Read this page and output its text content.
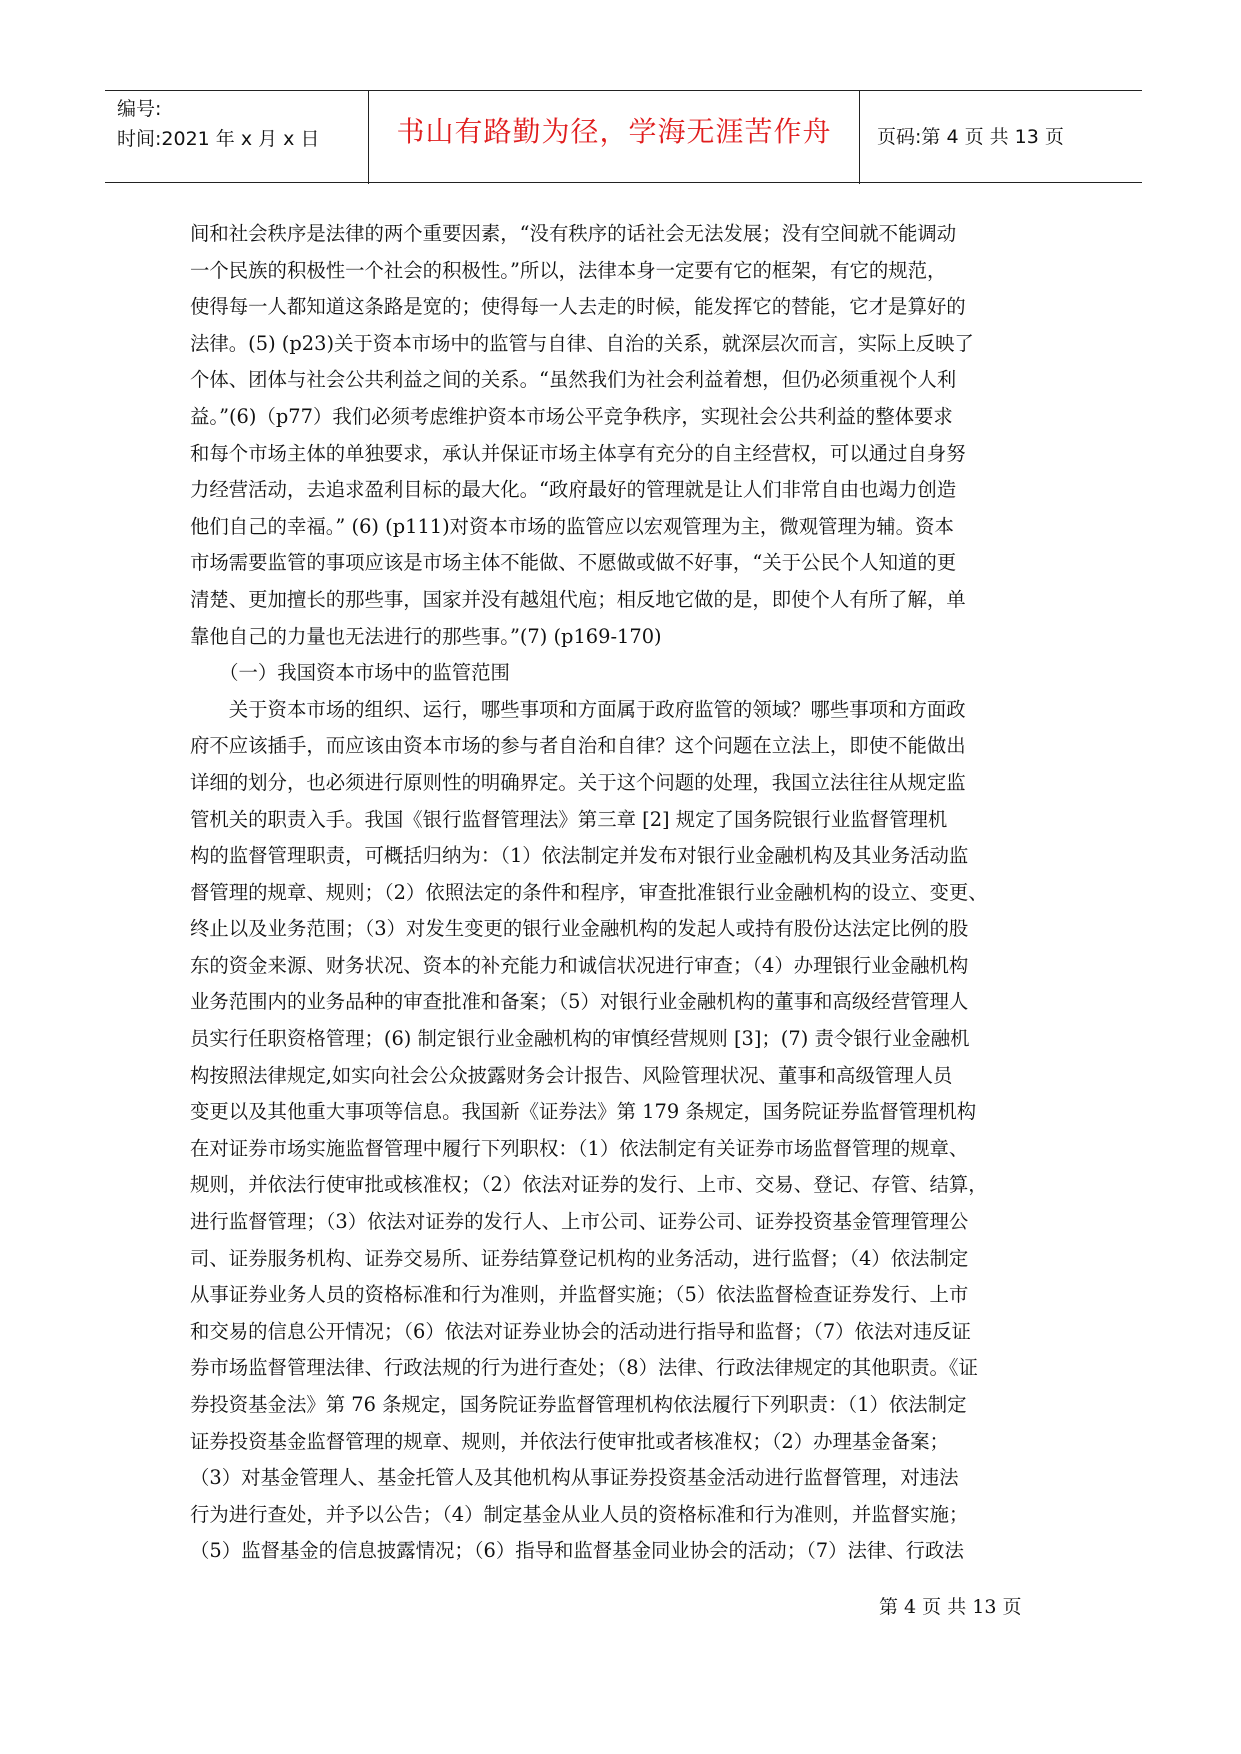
编号:
时间:2021 年 x 月 x 日	书山有路勤为径，学海无涯苦作舟	页码:第 4 页 共 13 页
间和社会秩序是法律的两个重要因素，“没有秩序的话社会无法发展；没有空间就不能调动
一个民族的积极性一个社会的积极性。”所以，法律本身一定要有它的框架，有它的规范，
使得每一人都知道这条路是宽的；使得每一人去走的时候，能发挥它的替能，它才是算好的
法律。(5) (p23)关于资本市场中的监管与自律、自治的关系，就深层次而言，实际上反映了
个体、团体与社会公共利益之间的关系。“虽然我们为社会利益着想，但仍必须重视个人利
益。”(6)（p77）我们必须考虑维护资本市场公平竞争秩序，实现社会公共利益的整体要求
和每个市场主体的单独要求，承认并保证市场主体享有充分的自主经营权，可以通过自身努
力经营活动，去追求盈利目标的最大化。“政府最好的管理就是让人们非常自由也竭力创造
他们自己的幸福。” (6) (p111)对资本市场的监管应以宏观管理为主，微观管理为辅。资本
市场需要监管的事项应该是市场主体不能做、不愿做或做不好事，“关于公民个人知道的更
清楚、更加擅长的那些事，国家并没有越俎代庖；相反地它做的是，即使个人有所了解，单
靠他自己的力量也无法进行的那些事。”(7) (p169-170)
　　（一）我国资本市场中的监管范围
　　关于资本市场的组织、运行，哪些事项和方面属于政府监管的领域？哪些事项和方面政
府不应该插手，而应该由资本市场的参与者自治和自律？这个问题在立法上，即使不能做出
详细的划分，也必须进行原则性的明确界定。关于这个问题的处理，我国立法往往从规定监
管机关的职责入手。我国《银行监督管理法》第三章 [2] 规定了国务院银行业监督管理机
构的监督管理职责，可概括归纳为：（1）依法制定并发布对银行业金融机构及其业务活动监
督管理的规章、规则；（2）依照法定的条件和程序，审查批准银行业金融机构的设立、变更、
终止以及业务范围；（3）对发生变更的银行业金融机构的发起人或持有股份达法定比例的股
东的资金来源、财务状况、资本的补充能力和诚信状况进行审查；（4）办理银行业金融机构
业务范围内的业务品种的审查批准和备案；（5）对银行业金融机构的董事和高级经营管理人
员实行任职资格管理；(6) 制定银行业金融机构的审慎经营规则 [3]；(7) 责令银行业金融机
构按照法律规定,如实向社会公众披露财务会计报告、风险管理状况、董事和高级管理人员
变更以及其他重大事项等信息。我国新《证券法》第 179 条规定，国务院证券监督管理机构
在对证券市场实施监督管理中履行下列职权：（1）依法制定有关证券市场监督管理的规章、
规则，并依法行使审批或核准权；（2）依法对证券的发行、上市、交易、登记、存管、结算，
进行监督管理；（3）依法对证券的发行人、上市公司、证券公司、证券投资基金管理管理公
司、证券服务机构、证券交易所、证券结算登记机构的业务活动，进行监督；（4）依法制定
从事证券业务人员的资格标准和行为准则，并监督实施；（5）依法监督检查证券发行、上市
和交易的信息公开情况；（6）依法对证券业协会的活动进行指导和监督；（7）依法对违反证
券市场监督管理法律、行政法规的行为进行查处；（8）法律、行政法律规定的其他职责。《证
券投资基金法》第 76 条规定，国务院证券监督管理机构依法履行下列职责：（1）依法制定
证券投资基金监督管理的规章、规则，并依法行使审批或者核准权；（2）办理基金备案；
（3）对基金管理人、基金托管人及其他机构从事证券投资基金活动进行监督管理，对违法
行为进行查处，并予以公告；（4）制定基金从业人员的资格标准和行为准则，并监督实施；
（5）监督基金的信息披露情况；（6）指导和监督基金同业协会的活动；（7）法律、行政法
第 4 页 共 13 页
